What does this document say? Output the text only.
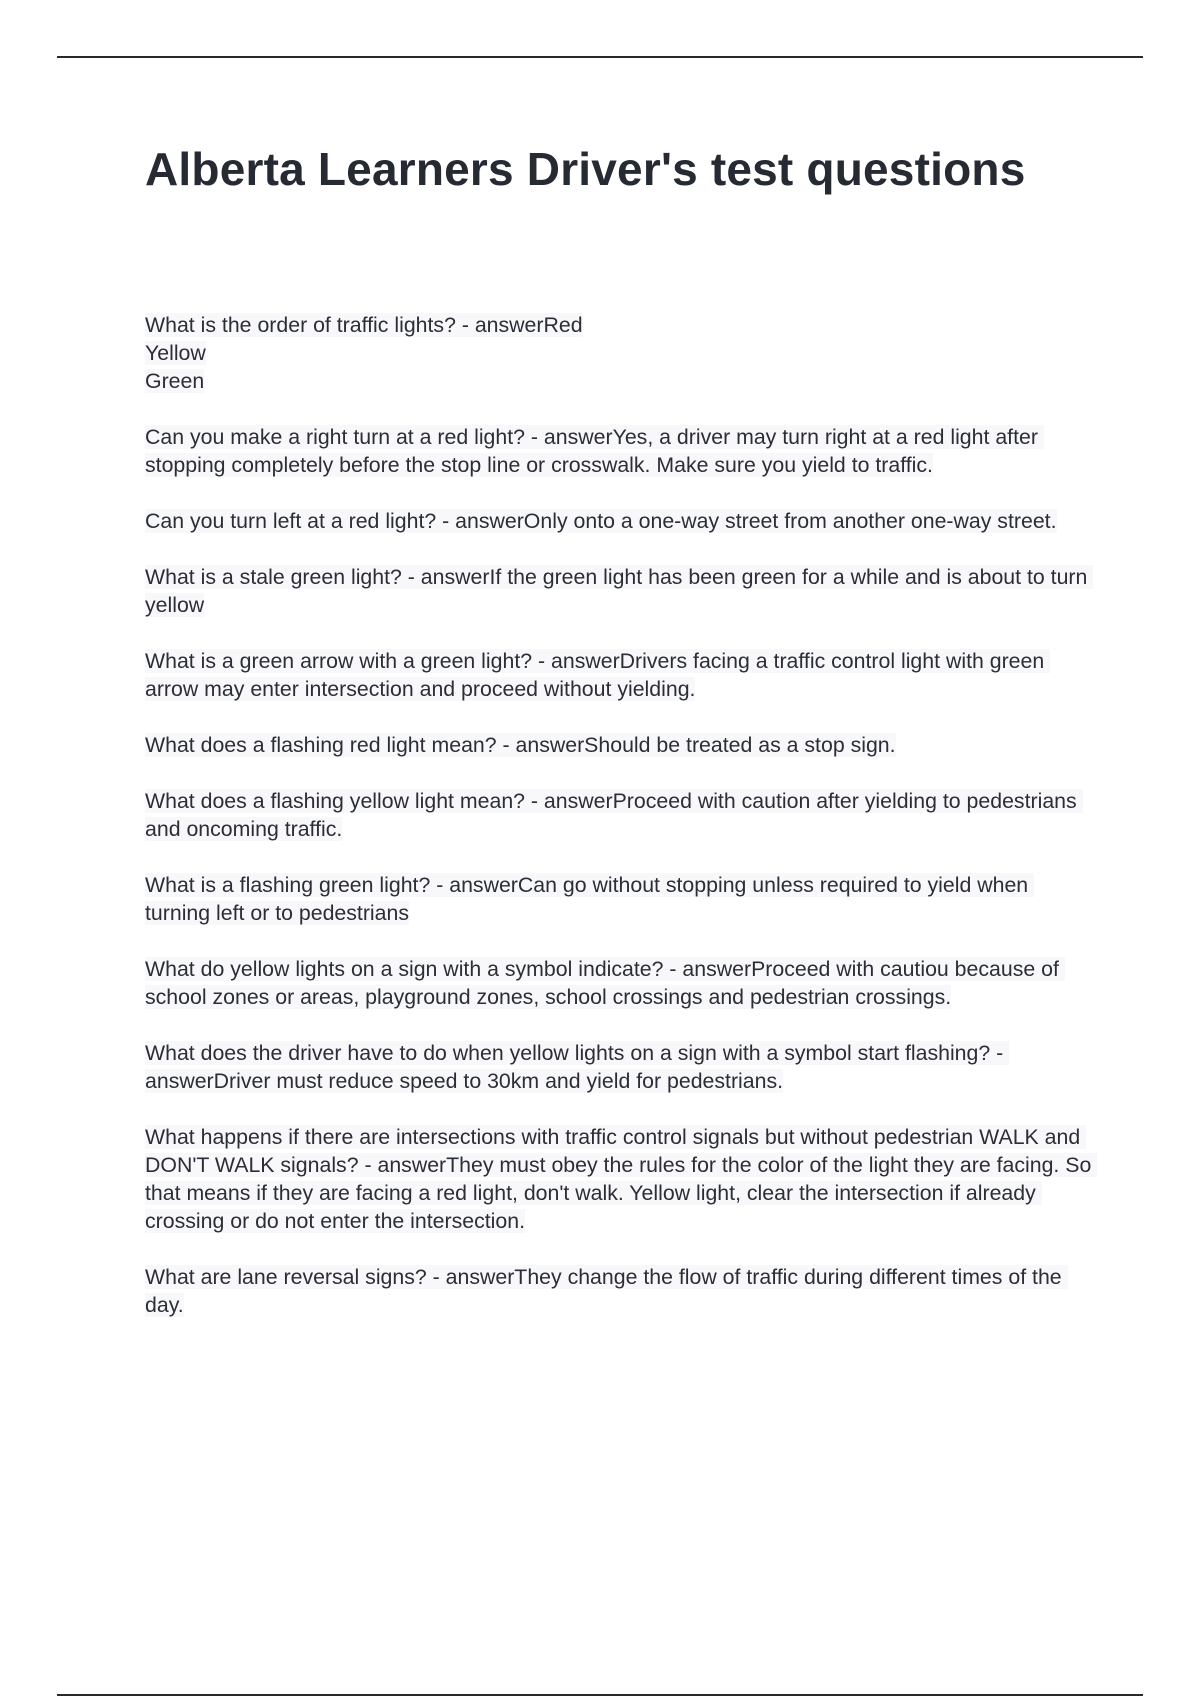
Alberta Learners Driver's test questions

What is the order of traffic lights? - answerRed
Yellow
Green

Can you make a right turn at a red light? - answerYes, a driver may turn right at a red light after stopping completely before the stop line or crosswalk. Make sure you yield to traffic.

Can you turn left at a red light? - answerOnly onto a one-way street from another one-way street.

What is a stale green light? - answerIf the green light has been green for a while and is about to turn yellow

What is a green arrow with a green light? - answerDrivers facing a traffic control light with green arrow may enter intersection and proceed without yielding.

What does a flashing red light mean? - answerShould be treated as a stop sign.

What does a flashing yellow light mean? - answerProceed with caution after yielding to pedestrians and oncoming traffic.

What is a flashing green light? - answerCan go without stopping unless required to yield when turning left or to pedestrians

What do yellow lights on a sign with a symbol indicate? - answerProceed with cautiou because of school zones or areas, playground zones, school crossings and pedestrian crossings.

What does the driver have to do when yellow lights on a sign with a symbol start flashing? - answerDriver must reduce speed to 30km and yield for pedestrians.

What happens if there are intersections with traffic control signals but without pedestrian WALK and DON'T WALK signals? - answerThey must obey the rules for the color of the light they are facing. So that means if they are facing a red light, don't walk. Yellow light, clear the intersection if already crossing or do not enter the intersection.

What are lane reversal signs? - answerThey change the flow of traffic during different times of the day.
